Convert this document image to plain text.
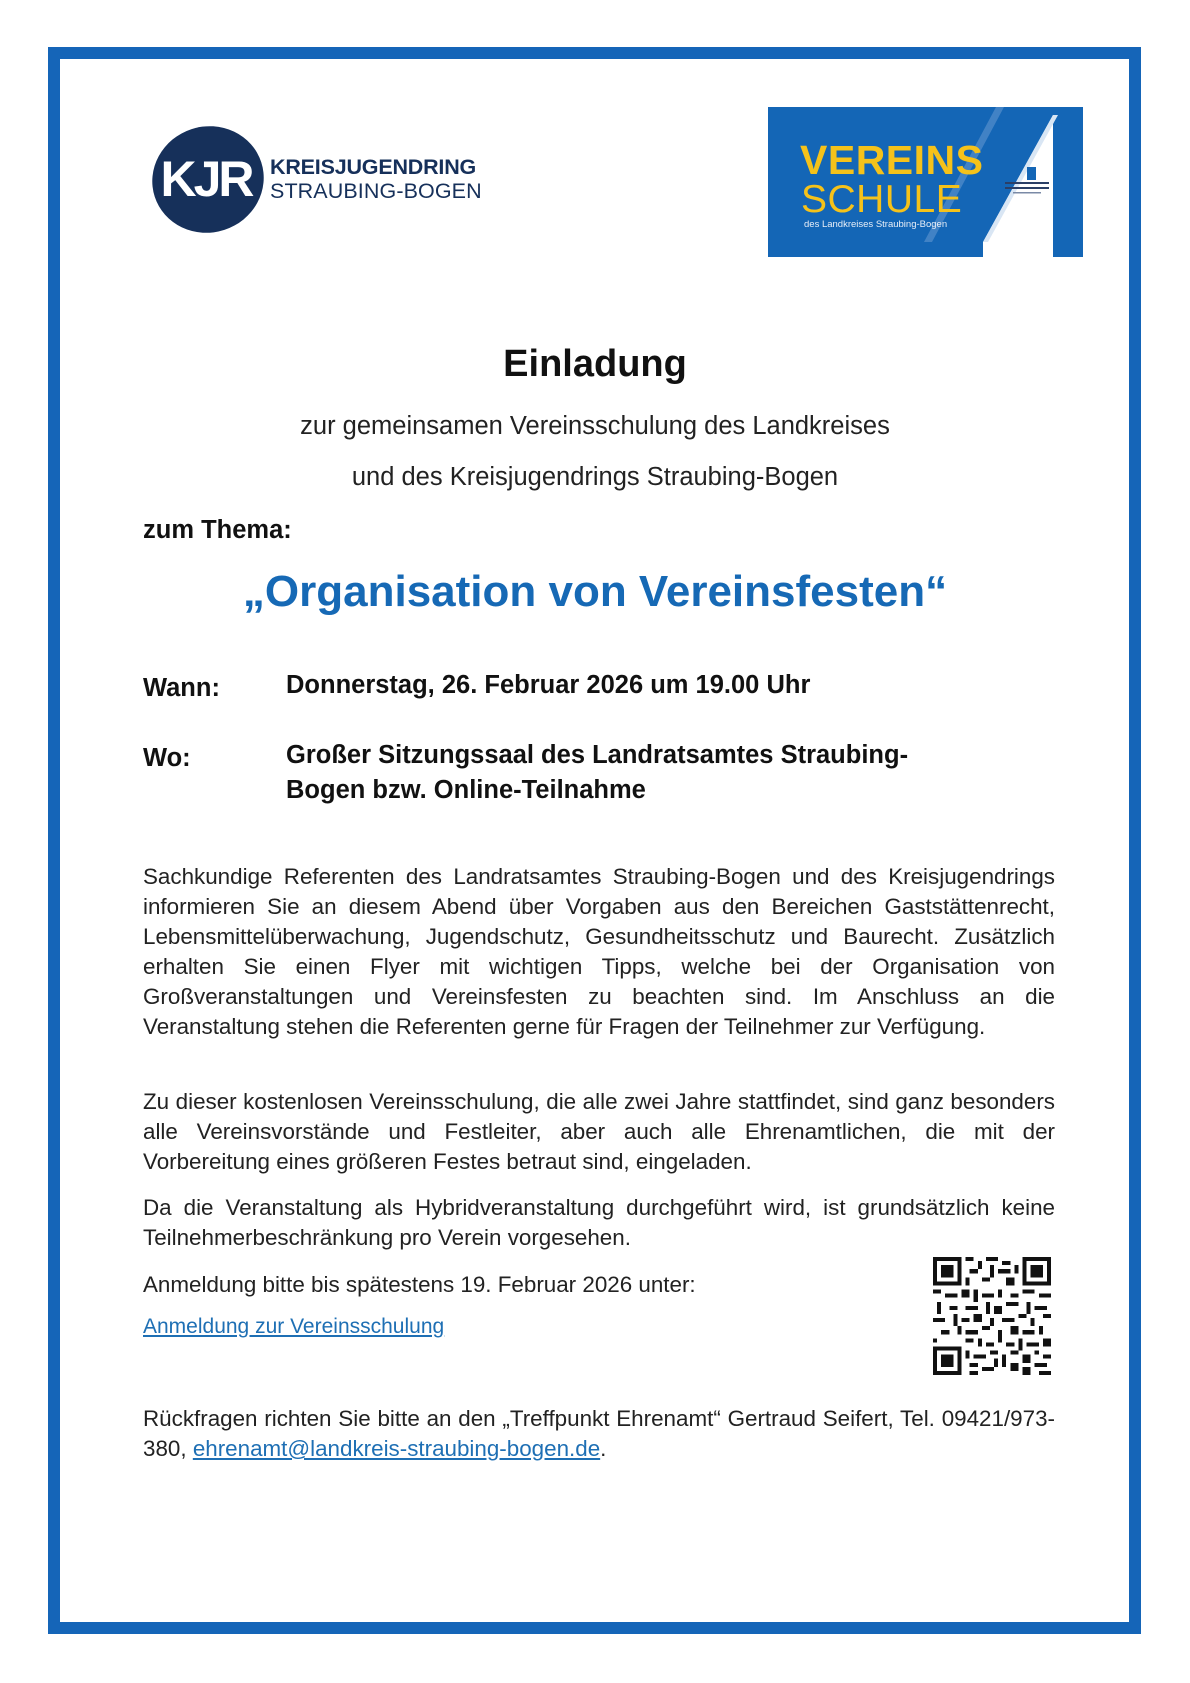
KJR KREISJUGENDRING
STRAUBING-BOGEN
VEREINS
SCHULE
des Landkreises Straubing-Bogen
Einladung
zur gemeinsamen Vereinsschulung des Landkreises
und des Kreisjugendrings Straubing-Bogen
zum Thema:
„Organisation von Vereinsfesten“
Wann:	Donnerstag, 26. Februar 2026 um 19.00 Uhr
Wo:	Großer Sitzungssaal des Landratsamtes Straubing-Bogen bzw. Online-Teilnahme

Sachkundige Referenten des Landratsamtes Straubing-Bogen und des Kreisjugendrings informieren Sie an diesem Abend über Vorgaben aus den Bereichen Gaststättenrecht, Lebensmittelüberwachung, Jugendschutz, Gesundheitsschutz und Baurecht. Zusätzlich erhalten Sie einen Flyer mit wichtigen Tipps, welche bei der Organisation von Großveranstaltungen und Vereinsfesten zu beachten sind. Im Anschluss an die Veranstaltung stehen die Referenten gerne für Fragen der Teilnehmer zur Verfügung.

Zu dieser kostenlosen Vereinsschulung, die alle zwei Jahre stattfindet, sind ganz besonders alle Vereinsvorstände und Festleiter, aber auch alle Ehrenamtlichen, die mit der Vorbereitung eines größeren Festes betraut sind, eingeladen.

Da die Veranstaltung als Hybridveranstaltung durchgeführt wird, ist grundsätzlich keine Teilnehmerbeschränkung pro Verein vorgesehen.

Anmeldung bitte bis spätestens 19. Februar 2026 unter:

Anmeldung zur Vereinsschulung

Rückfragen richten Sie bitte an den „Treffpunkt Ehrenamt“ Gertraud Seifert, Tel. 09421/973-380, ehrenamt@landkreis-straubing-bogen.de.
